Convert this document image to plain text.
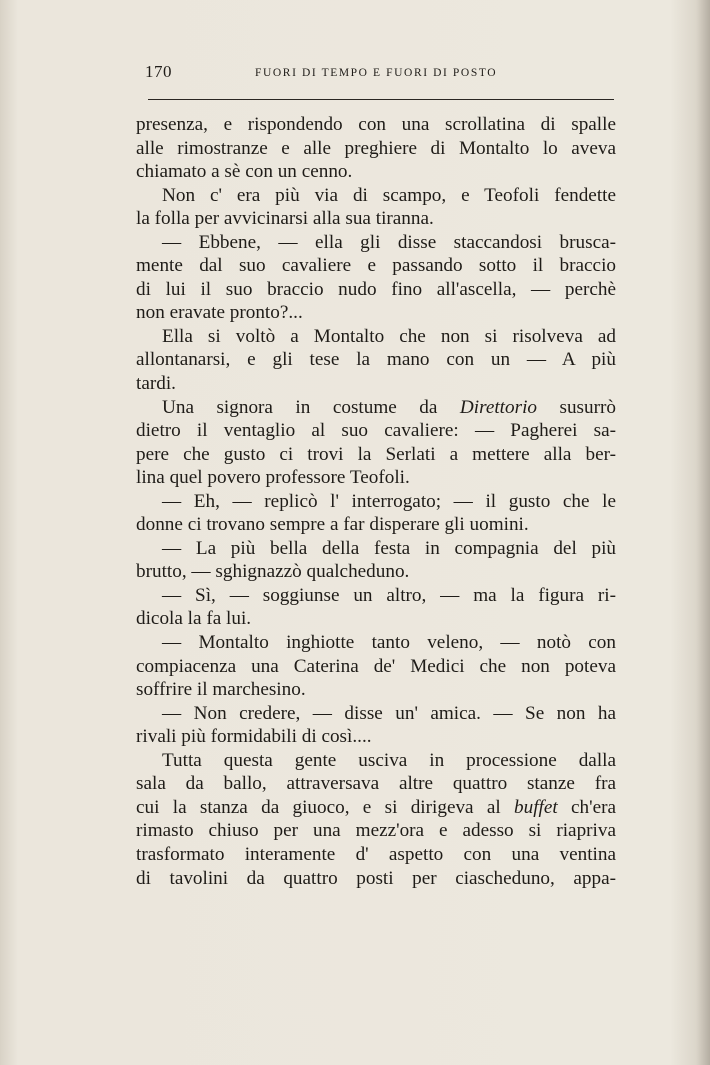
170	FUORI DI TEMPO E FUORI DI POSTO
presenza, e rispondendo con una scrollatina di spalle
alle rimostranze e alle preghiere di Montalto lo aveva
chiamato a sè con un cenno.
Non c' era più via di scampo, e Teofoli fendette
la folla per avvicinarsi alla sua tiranna.
— Ebbene, — ella gli disse staccandosi brusca-
mente dal suo cavaliere e passando sotto il braccio
di lui il suo braccio nudo fino all'ascella, — perchè
non eravate pronto?...
Ella si voltò a Montalto che non si risolveva ad
allontanarsi, e gli tese la mano con un — A più
tardi.
Una signora in costume da Direttorio susurrò
dietro il ventaglio al suo cavaliere: — Pagherei sa-
pere che gusto ci trovi la Serlati a mettere alla ber-
lina quel povero professore Teofoli.
— Eh, — replicò l' interrogato; — il gusto che le
donne ci trovano sempre a far disperare gli uomini.
— La più bella della festa in compagnia del più
brutto, — sghignazzò qualcheduno.
— Sì, — soggiunse un altro, — ma la figura ri-
dicola la fa lui.
— Montalto inghiotte tanto veleno, — notò con
compiacenza una Caterina de' Medici che non poteva
soffrire il marchesino.
— Non credere, — disse un' amica. — Se non ha
rivali più formidabili di così....
Tutta questa gente usciva in processione dalla
sala da ballo, attraversava altre quattro stanze fra
cui la stanza da giuoco, e si dirigeva al buffet ch'era
rimasto chiuso per una mezz'ora e adesso si riapriva
trasformato interamente d' aspetto con una ventina
di tavolini da quattro posti per ciascheduno, appa-
